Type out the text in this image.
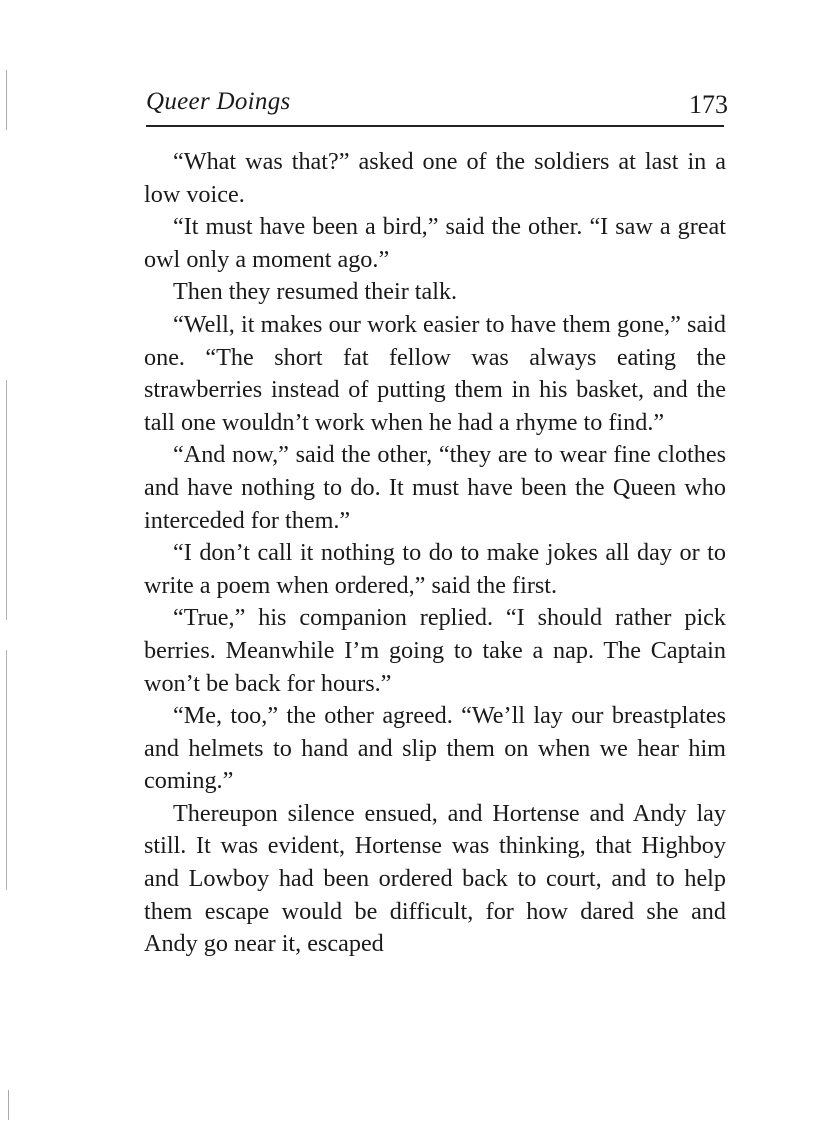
Queer Doings	173

“What was that?” asked one of the soldiers at last in a low voice.

“It must have been a bird,” said the other. “I saw a great owl only a moment ago.”

Then they resumed their talk.

“Well, it makes our work easier to have them gone,” said one. “The short fat fellow was always eating the strawberries instead of putting them in his basket, and the tall one wouldn’t work when he had a rhyme to find.”

“And now,” said the other, “they are to wear fine clothes and have nothing to do. It must have been the Queen who interceded for them.”

“I don’t call it nothing to do to make jokes all day or to write a poem when ordered,” said the first.

“True,” his companion replied. “I should rather pick berries. Meanwhile I’m going to take a nap. The Captain won’t be back for hours.”

“Me, too,” the other agreed. “We’ll lay our breastplates and helmets to hand and slip them on when we hear him coming.”

Thereupon silence ensued, and Hortense and Andy lay still. It was evident, Hortense was thinking, that Highboy and Lowboy had been ordered back to court, and to help them escape would be difficult, for how dared she and Andy go near it, escaped
